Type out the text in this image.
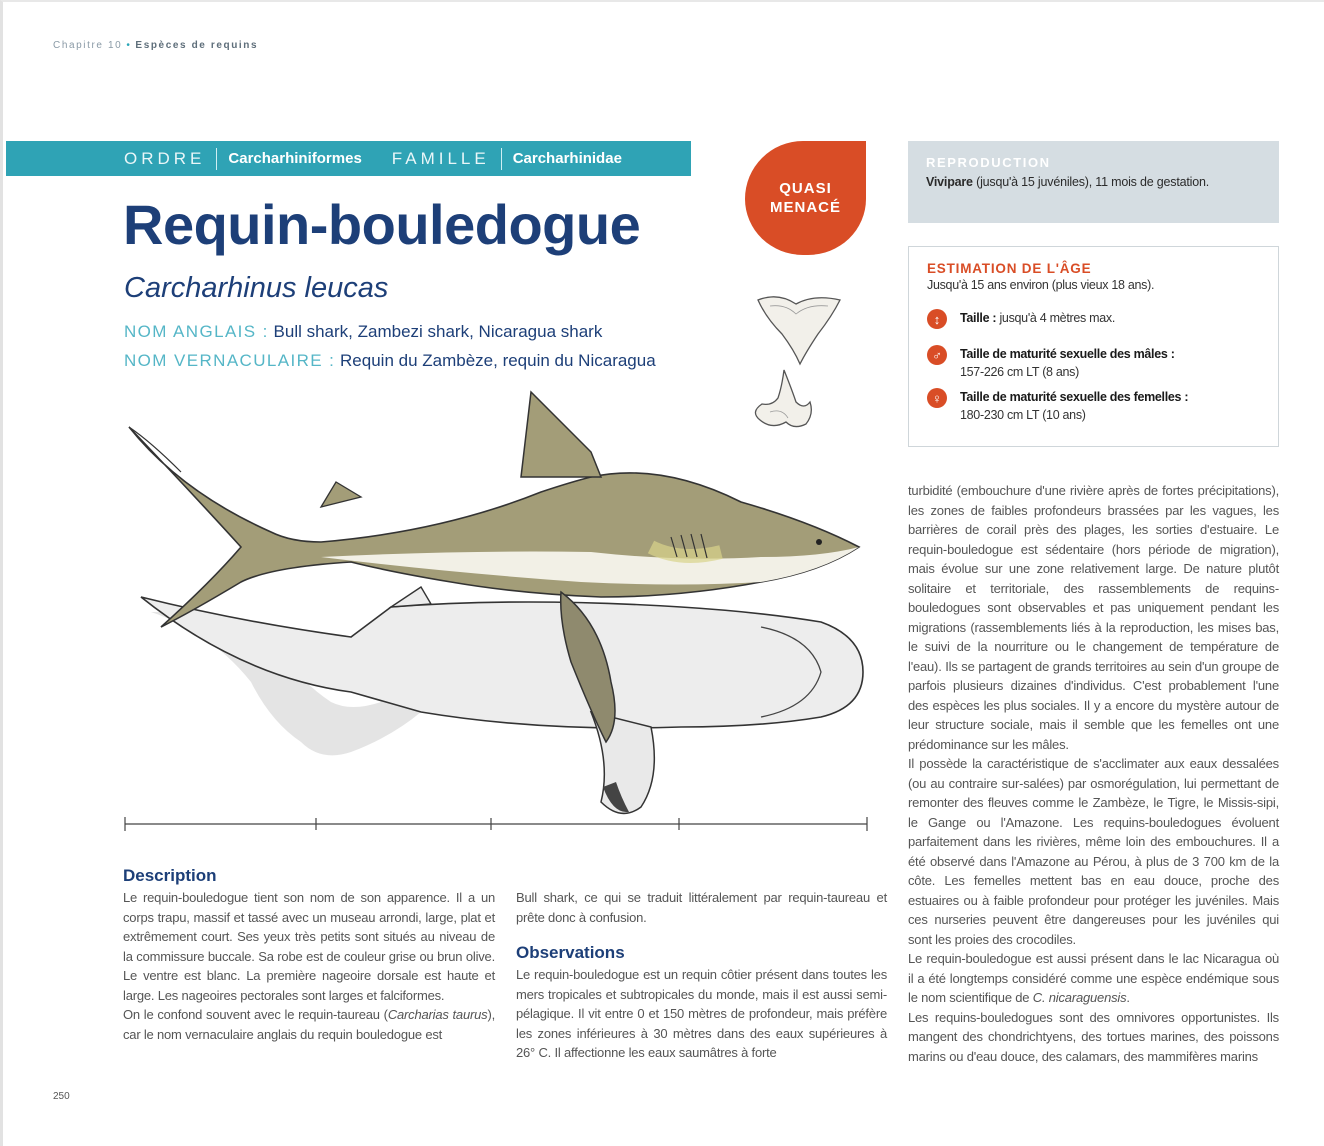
Chapitre 10 • Espèces de requins
ORDRE Carcharhiniformes FAMILLE Carcharhinidae
QUASI
MENACÉ
Requin-bouledogue
Carcharhinus leucas
NOM ANGLAIS : Bull shark, Zambezi shark, Nicaragua shark
NOM VERNACULAIRE : Requin du Zambèze, requin du Nicaragua
REPRODUCTION
Vivipare (jusqu'à 15 juvéniles), 11 mois de gestation.
ESTIMATION DE L'ÂGE
Jusqu'à 15 ans environ (plus vieux 18 ans).
↕	Taille : jusqu'à 4 mètres max.
♂	Taille de maturité sexuelle des mâles :
157-226 cm LT (8 ans)
♀	Taille de maturité sexuelle des femelles :
180-230 cm LT (10 ans)
Description

Le requin-bouledogue tient son nom de son apparence. Il a un corps trapu, massif et tassé avec un museau arrondi, large, plat et extrêmement court. Ses yeux très petits sont situés au niveau de la commissure buccale. Sa robe est de couleur grise ou brun olive. Le ventre est blanc. La première nageoire dorsale est haute et large. Les nageoires pectorales sont larges et falciformes.

On le confond souvent avec le requin-taureau (Carcharias taurus), car le nom vernaculaire anglais du requin bouledogue est

Bull shark, ce qui se traduit littéralement par requin-taureau et prête donc à confusion.

Observations

Le requin-bouledogue est un requin côtier présent dans toutes les mers tropicales et subtropicales du monde, mais il est aussi semi-pélagique. Il vit entre 0 et 150 mètres de profondeur, mais préfère les zones inférieures à 30 mètres dans des eaux supérieures à 26° C. Il affectionne les eaux saumâtres à forte

turbidité (embouchure d'une rivière après de fortes précipitations), les zones de faibles profondeurs brassées par les vagues, les barrières de corail près des plages, les sorties d'estuaire. Le requin-bouledogue est sédentaire (hors période de migration), mais évolue sur une zone relativement large. De nature plutôt solitaire et territoriale, des rassemblements de requins-bouledogues sont observables et pas uniquement pendant les migrations (rassemblements liés à la reproduction, les mises bas, le suivi de la nourriture ou le changement de température de l'eau). Ils se partagent de grands territoires au sein d'un groupe de parfois plusieurs dizaines d'individus. C'est probablement l'une des espèces les plus sociales. Il y a encore du mystère autour de leur structure sociale, mais il semble que les femelles ont une prédominance sur les mâles.

Il possède la caractéristique de s'acclimater aux eaux dessalées (ou au contraire sur-salées) par osmorégulation, lui permettant de remonter des fleuves comme le Zambèze, le Tigre, le Missis-sipi, le Gange ou l'Amazone. Les requins-bouledogues évoluent parfaitement dans les rivières, même loin des embouchures. Il a été observé dans l'Amazone au Pérou, à plus de 3 700 km de la côte. Les femelles mettent bas en eau douce, proche des estuaires ou à faible profondeur pour protéger les juvéniles. Mais ces nurseries peuvent être dangereuses pour les juvéniles qui sont les proies des crocodiles.

Le requin-bouledogue est aussi présent dans le lac Nicaragua où il a été longtemps considéré comme une espèce endémique sous le nom scientifique de C. nicaraguensis.

Les requins-bouledogues sont des omnivores opportunistes. Ils mangent des chondrichtyens, des tortues marines, des poissons marins ou d'eau douce, des calamars, des mammifères marins

250
